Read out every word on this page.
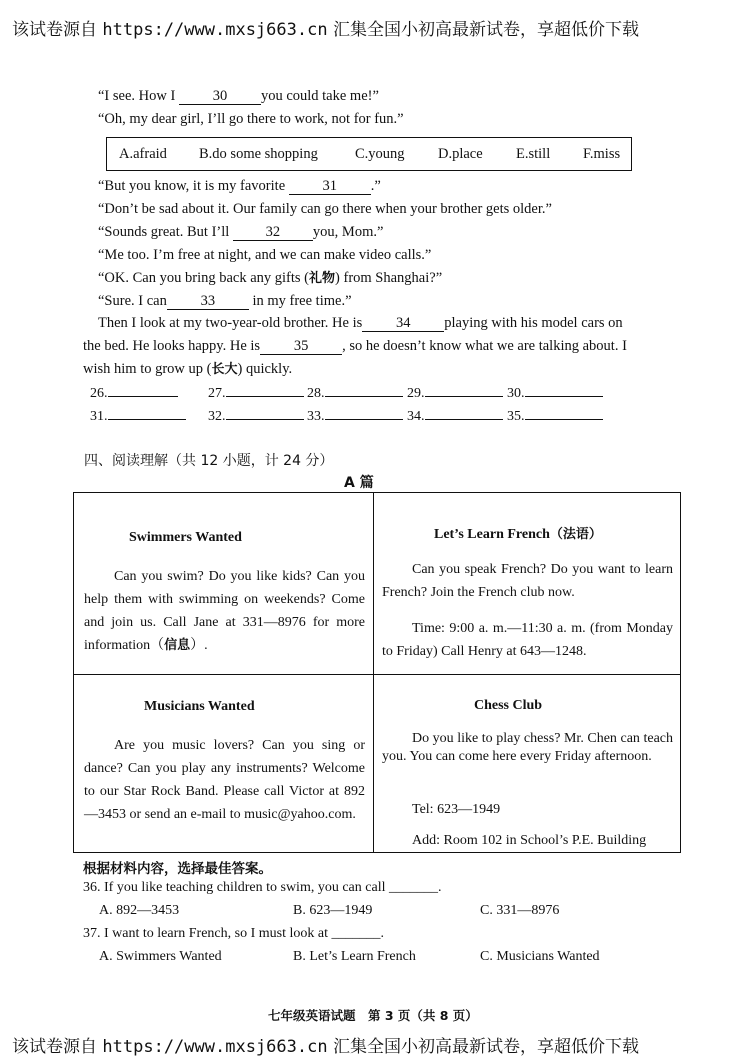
该试卷源自 https://www.mxsj663.cn 汇集全国小初高最新试卷，享超低价下载
“I see. How I 30 you could take me!”
“Oh, my dear girl, I’ll go there to work, not for fun.”
A.afraid B.do some shopping	C.young D.place E.still F.miss
“But you know, it is my favorite 31 .”
“Don’t be sad about it. Our family can go there when your brother gets older.”
“Sounds great. But I’ll 32 you, Mom.”
“Me too. I’m free at night, and we can make video calls.”
“OK. Can you bring back any gifts (礼物) from Shanghai?”
“Sure. I can 33 in my free time.”
Then I look at my two-year-old brother. He is 34 playing with his model cars on
the bed. He looks happy. He is 35 , so he doesn’t know what we are talking about. I
wish him to grow up (长大) quickly.
26.	27.	28.	29.	30.
31.	32.	33.	34.	35.
四、阅读理解（共 12 小题，计 24 分）
A 篇
Swimmers Wanted

Can you swim? Do you like kids? Can you help them with swimming on weekends? Come and join us. Call Jane at 331—8976 for more information（信息）.

Let’s Learn French（法语）

Can you speak French? Do you want to learn French? Join the French club now.

Time: 9:00 a. m.—11:30 a. m. (from Monday to Friday) Call Henry at 643—1248.

Musicians Wanted

Are you music lovers? Can you sing or dance? Can you play any instruments? Welcome to our Star Rock Band. Please call Victor at 892—3453 or send an e-mail to music@yahoo.com.

Chess Club

Do you like to play chess? Mr. Chen can teach you. You can come here every Friday afternoon.

Tel: 623—1949
Add: Room 102 in School’s P.E. Building
根据材料内容，选择最佳答案。
36. If you like teaching children to swim, you can call _______.
A. 892—3453	B. 623—1949	C. 331—8976
37. I want to learn French, so I must look at _______.
A. Swimmers Wanted	B. Let’s Learn French	C. Musicians Wanted
七年级英语试题　第 3 页（共 8 页）
该试卷源自 https://www.mxsj663.cn 汇集全国小初高最新试卷，享超低价下载
